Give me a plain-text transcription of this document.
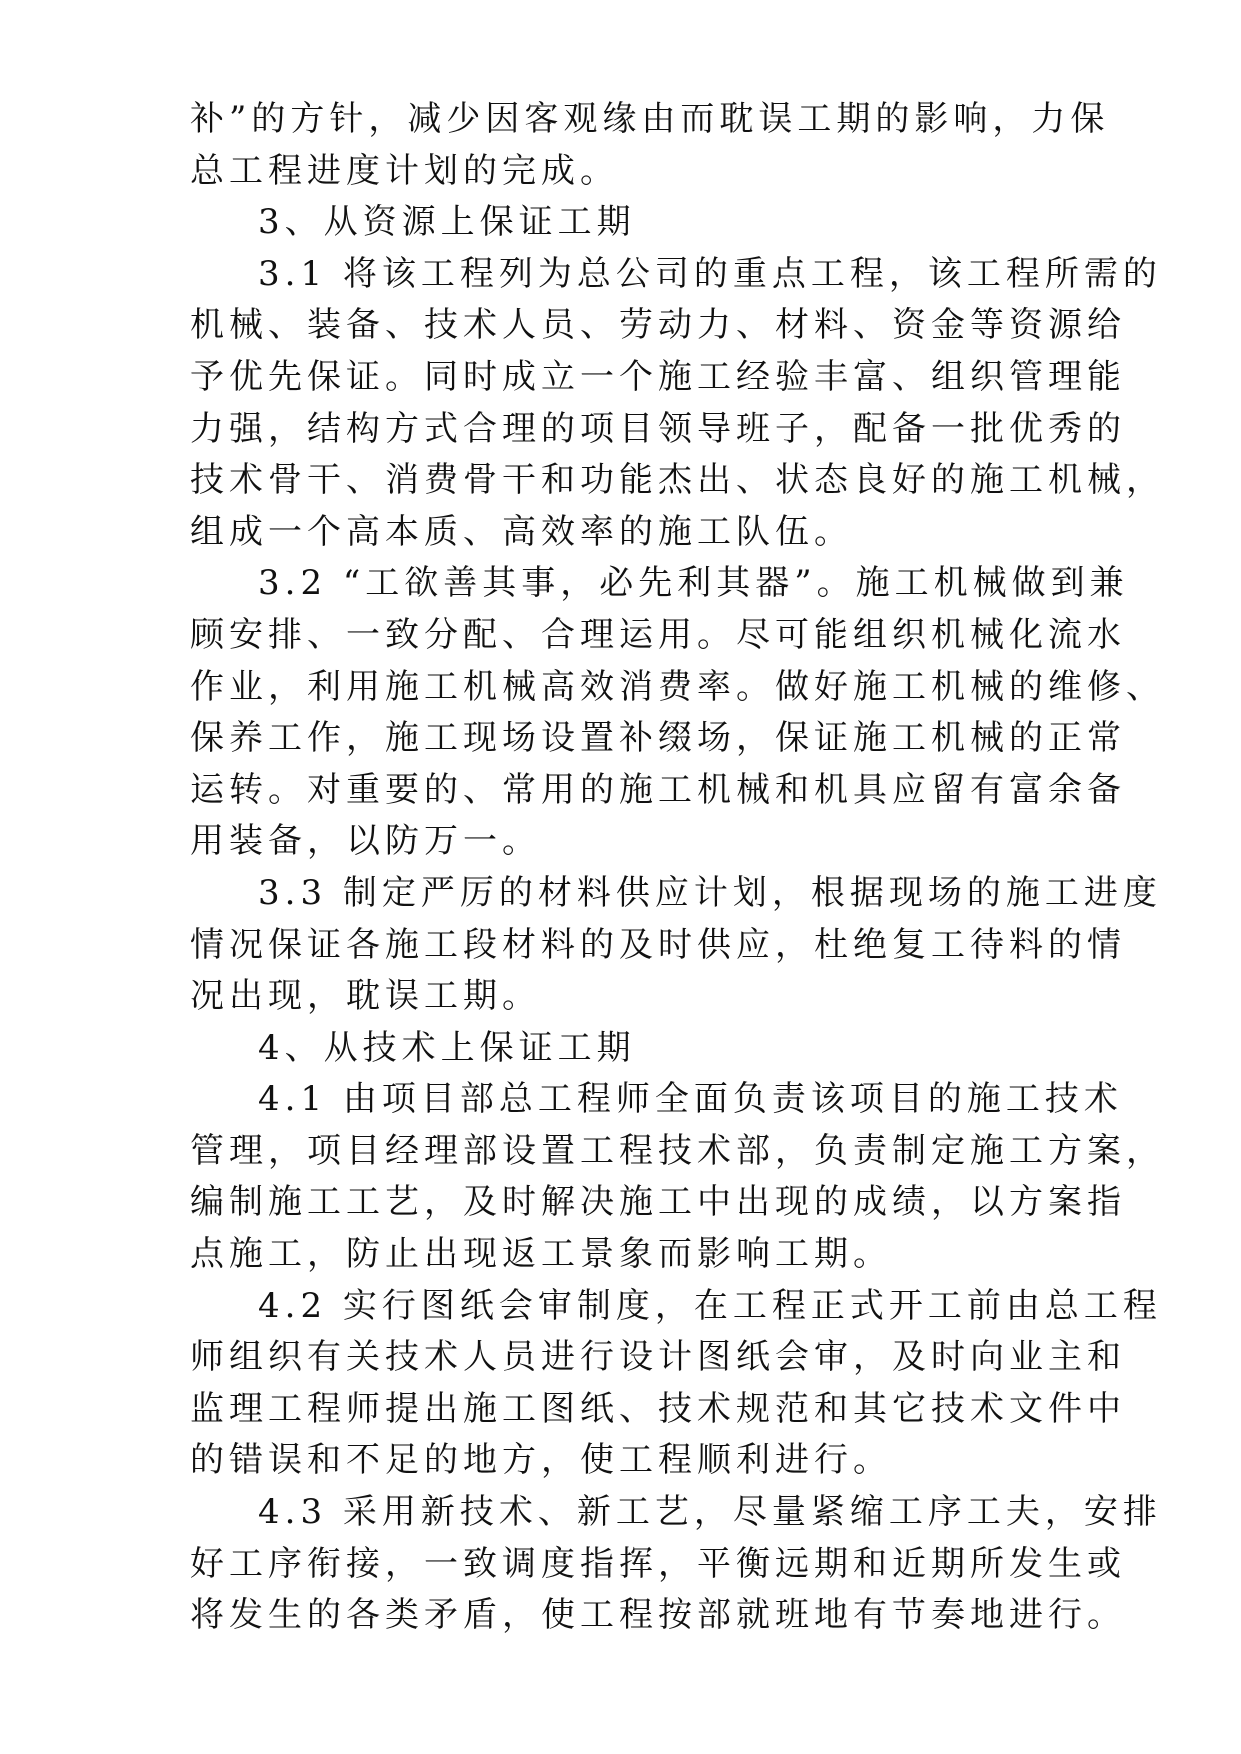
补”的方针，减少因客观缘由而耽误工期的影响，力保
总工程进度计划的完成。
3、从资源上保证工期
3.1 将该工程列为总公司的重点工程，该工程所需的
机械、装备、技术人员、劳动力、材料、资金等资源给
予优先保证。同时成立一个施工经验丰富、组织管理能
力强，结构方式合理的项目领导班子，配备一批优秀的
技术骨干、消费骨干和功能杰出、状态良好的施工机械，
组成一个高本质、高效率的施工队伍。
3.2 “工欲善其事，必先利其器”。施工机械做到兼
顾安排、一致分配、合理运用。尽可能组织机械化流水
作业，利用施工机械高效消费率。做好施工机械的维修、
保养工作，施工现场设置补缀场，保证施工机械的正常
运转。对重要的、常用的施工机械和机具应留有富余备
用装备，以防万一。
3.3 制定严厉的材料供应计划，根据现场的施工进度
情况保证各施工段材料的及时供应，杜绝复工待料的情
况出现，耽误工期。
4、从技术上保证工期
4.1 由项目部总工程师全面负责该项目的施工技术
管理，项目经理部设置工程技术部，负责制定施工方案，
编制施工工艺，及时解决施工中出现的成绩，以方案指
点施工，防止出现返工景象而影响工期。
4.2 实行图纸会审制度，在工程正式开工前由总工程
师组织有关技术人员进行设计图纸会审，及时向业主和
监理工程师提出施工图纸、技术规范和其它技术文件中
的错误和不足的地方，使工程顺利进行。
4.3 采用新技术、新工艺，尽量紧缩工序工夫，安排
好工序衔接，一致调度指挥，平衡远期和近期所发生或
将发生的各类矛盾，使工程按部就班地有节奏地进行。
